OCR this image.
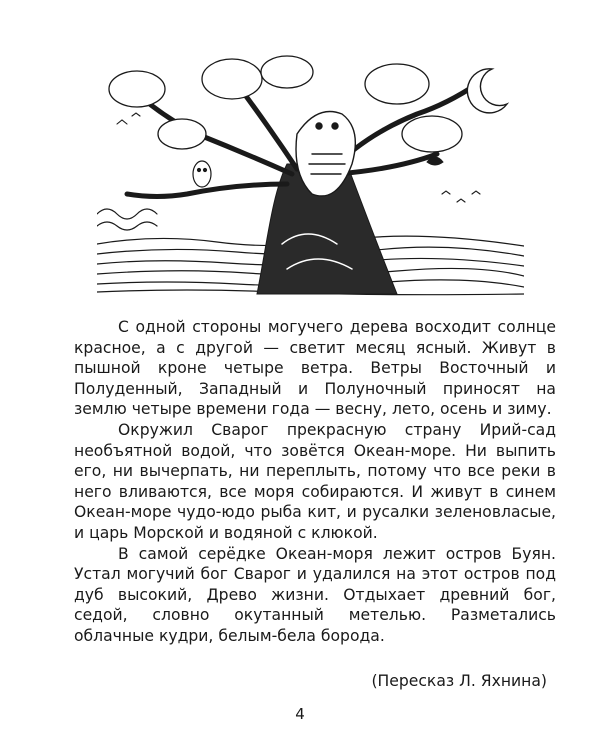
С одной стороны могучего дерева восходит солнце красное, а с другой — светит месяц ясный. Живут в пышной кроне четыре ветра. Ветры Восточный и Полуденный, Западный и Полуночный приносят на землю четыре времени года — весну, лето, осень и зиму.

Окружил Сварог прекрасную страну Ирий-сад необъятной водой, что зовётся Океан-море. Ни выпить его, ни вычерпать, ни переплыть, потому что все реки в него вливаются, все моря собираются. И живут в синем Океан-море чудо-юдо рыба кит, и русалки зеленовласые, и царь Морской и водяной с клюкой.

В самой серёдке Океан-моря лежит остров Буян. Устал могучий бог Сварог и удалился на этот остров под дуб высокий, Древо жизни. Отдыхает древний бог, седой, словно окутанный метелью. Разметались облачные кудри, белым-бела борода.

(Пересказ Л. Яхнина)
4
